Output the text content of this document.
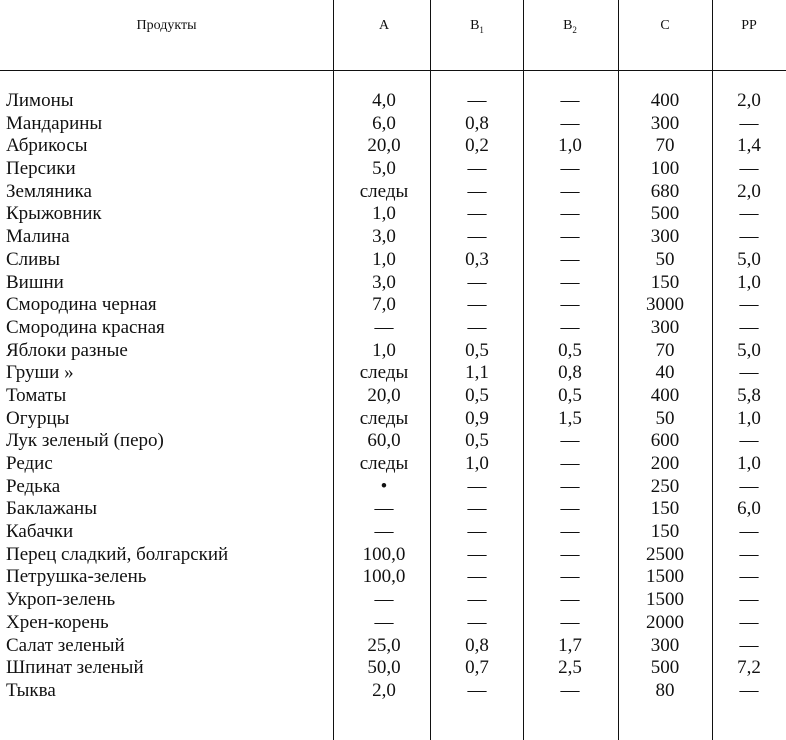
Продукты	А	$В_1$	$В_2$	С	РР
Лимоны	. . . . . .	4,0	—	—	400	2,0
Мандарины	. . . . .	6,0	0,8	—	300	—
Абрикосы	. . . . .	20,0	0,2	1,0	70	1,4
Персики	. . . . . .	5,0	—	—	100	—
Земляника	. . . .	следы	—	—	680	2,0
Крыжовник	. . . .	1,0	—	—	500	—
Малина	. . . . . .	3,0	—	—	300	—
Сливы	. . . . . .	1,0	0,3	—	50	5,0
Вишни	. . . . . .	3,0	—	—	150	1,0
Смородина черная	. . .	7,0	—	—	3000	—
Смородина красная	. . .	—	—	—	300	—
Яблоки разные	. . . .	1,0	0,5	0,5	70	5,0
Груши »	. . . .	следы	1,1	0,8	40	—
Томаты	. . . . . .	20,0	0,5	0,5	400	5,8
Огурцы	. . . . . .	следы	0,9	1,5	50	1,0
Лук зеленый (перо)	60,0	0,5	—	600	—
Редис	. . . . . . .	следы	1,0	—	200	1,0
Редька	. . . . . .	•	—	—	250	—
Баклажаны	. . . .	—	—	—	150	6,0
Кабачки	. . . . . .	—	—	—	150	—
Перец сладкий, болгарский	100,0	—	—	2500	—
Петрушка-зелень	. . . .	100,0	—	—	1500	—
Укроп-зелень	. . . .	—	—	—	1500	—
Хрен-корень	. . . . .	—	—	—	2000	—
Салат зеленый	. . . .	25,0	0,8	1,7	300	—
Шпинат зеленый	. . .	50,0	0,7	2,5	500	7,2
Тыква	. . . . . . .	2,0	—	—	80	—
